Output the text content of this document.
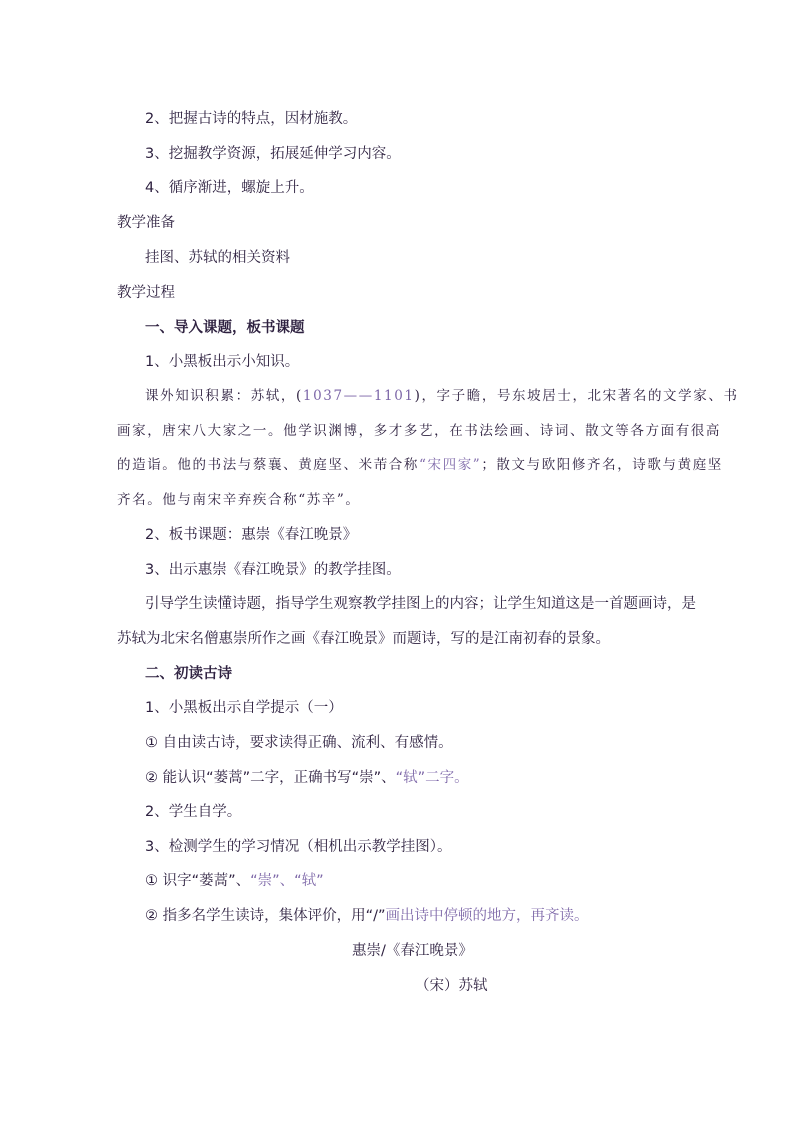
2、把握古诗的特点，因材施教。
3、挖掘教学资源，拓展延伸学习内容。
4、循序渐进，螺旋上升。
教学准备
挂图、苏轼的相关资料
教学过程
一、导入课题，板书课题
1、小黑板出示小知识。
课外知识积累：苏轼，(1037——1101)，字子瞻，号东坡居士，北宋著名的文学家、书
画家，唐宋八大家之一。他学识渊博，多才多艺，在书法绘画、诗词、散文等各方面有很高
的造诣。他的书法与蔡襄、黄庭坚、米芾合称“宋四家”；散文与欧阳修齐名，诗歌与黄庭坚
齐名。他与南宋辛弃疾合称“苏辛”。
2、板书课题：惠崇《春江晚景》
3、出示惠崇《春江晚景》的教学挂图。
引导学生读懂诗题，指导学生观察教学挂图上的内容；让学生知道这是一首题画诗，是
苏轼为北宋名僧惠崇所作之画《春江晚景》而题诗，写的是江南初春的景象。
二、初读古诗
1、小黑板出示自学提示（一）
① 自由读古诗，要求读得正确、流利、有感情。
② 能认识“蒌蒿”二字，正确书写“崇”、“轼”二字。
2、学生自学。
3、检测学生的学习情况（相机出示教学挂图）。
① 识字“蒌蒿”、“崇”、“轼”
② 指多名学生读诗，集体评价，用“/”画出诗中停顿的地方，再齐读。
惠崇/《春江晚景》
（宋）苏轼
